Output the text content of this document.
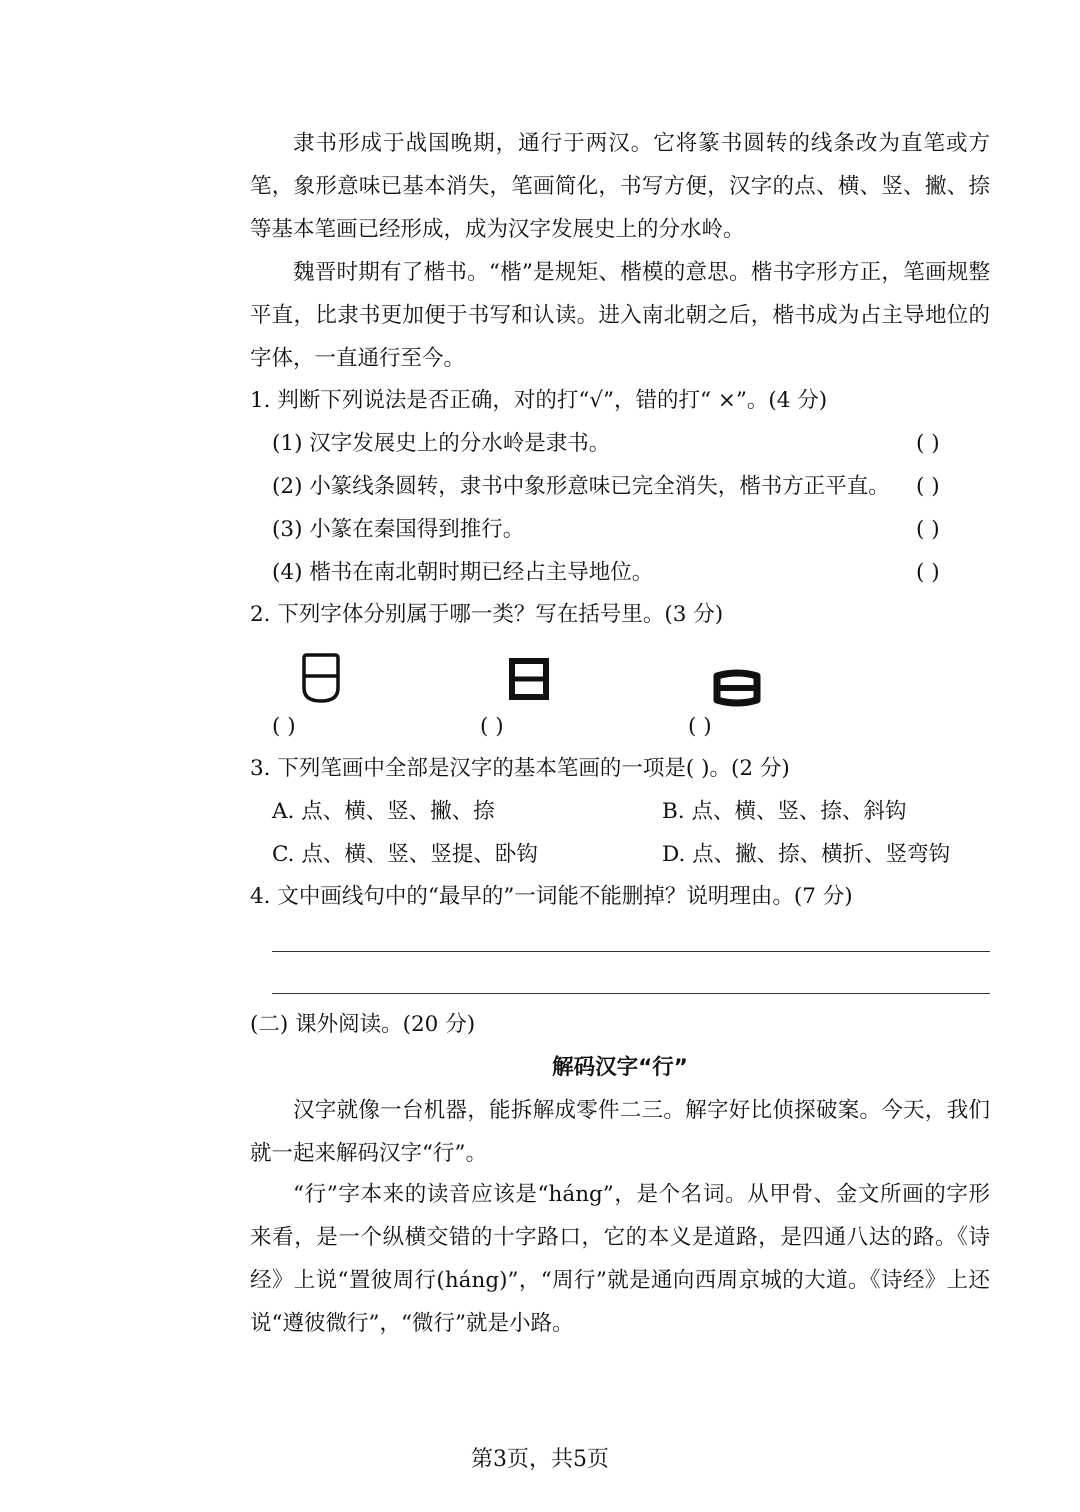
隶书形成于战国晚期，通行于两汉。它将篆书圆转的线条改为直笔或方笔，象形意味已基本消失，笔画简化，书写方便，汉字的点、横、竖、撇、捺等基本笔画已经形成，成为汉字发展史上的分水岭。

魏晋时期有了楷书。“楷”是规矩、楷模的意思。楷书字形方正，笔画规整平直，比隶书更加便于书写和认读。进入南北朝之后，楷书成为占主导地位的字体，一直通行至今。

1. 判断下列说法是否正确，对的打“√”，错的打“ ×”。(4 分)
(1) 汉字发展史上的分水岭是隶书。	( )
(2) 小篆线条圆转，隶书中象形意味已完全消失，楷书方正平直。 ( )
(3) 小篆在秦国得到推行。	( )
(4) 楷书在南北朝时期已经占主导地位。	( )
2. 下列字体分别属于哪一类？写在括号里。(3 分)
( )	( )	( )
3. 下列笔画中全部是汉字的基本笔画的一项是( )。(2 分)
A. 点、横、竖、撇、捺	B. 点、横、竖、捺、斜钩
C. 点、横、竖、竖提、卧钩	D. 点、撇、捺、横折、竖弯钩
4. 文中画线句中的“最早的”一词能不能删掉？说明理由。(7 分)
(二) 课外阅读。(20 分)
解码汉字“行”

汉字就像一台机器，能拆解成零件二三。解字好比侦探破案。今天，我们就一起来解码汉字“行”。

“行”字本来的读音应该是“háng”，是个名词。从甲骨、金文所画的字形来看，是一个纵横交错的十字路口，它的本义是道路，是四通八达的路。《诗经》上说“置彼周行(háng)”，“周行”就是通向西周京城的大道。《诗经》上还说“遵彼微行”，“微行”就是小路。

第3页，共5页
